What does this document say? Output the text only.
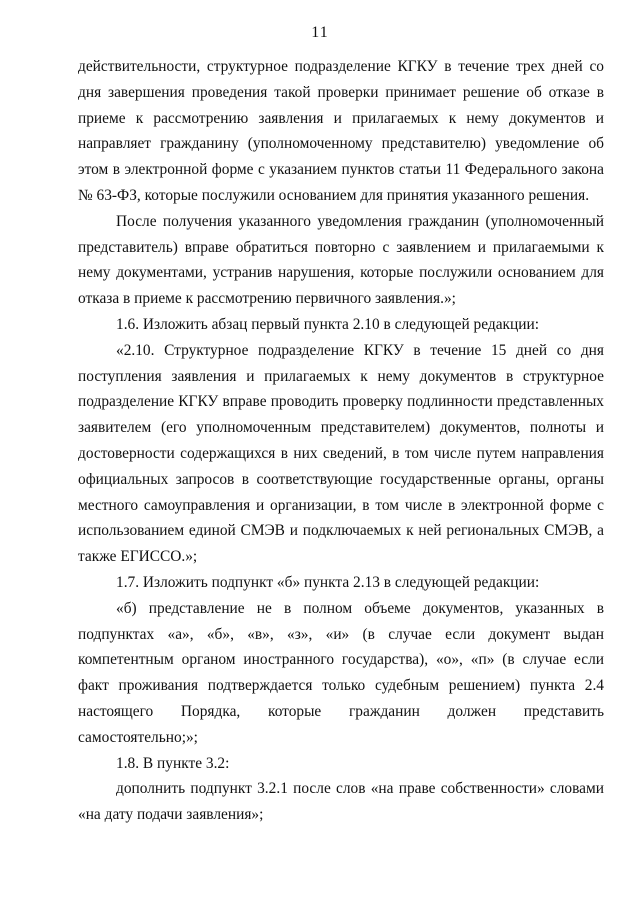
11

действительности, структурное подразделение КГКУ в течение трех дней со дня завершения проведения такой проверки принимает решение об отказе в приеме к рассмотрению заявления и прилагаемых к нему документов и направляет гражданину (уполномоченному представителю) уведомление об этом в электронной форме с указанием пунктов статьи 11 Федерального закона № 63-ФЗ, которые послужили основанием для принятия указанного решения.

После получения указанного уведомления гражданин (уполномоченный представитель) вправе обратиться повторно с заявлением и прилагаемыми к нему документами, устранив нарушения, которые послужили основанием для отказа в приеме к рассмотрению первичного заявления.»;

1.6. Изложить абзац первый пункта 2.10 в следующей редакции:

«2.10. Структурное подразделение КГКУ в течение 15 дней со дня поступления заявления и прилагаемых к нему документов в структурное подразделение КГКУ вправе проводить проверку подлинности представленных заявителем (его уполномоченным представителем) документов, полноты и достоверности содержащихся в них сведений, в том числе путем направления официальных запросов в соответствующие государственные органы, органы местного самоуправления и организации, в том числе в электронной форме с использованием единой СМЭВ и подключаемых к ней региональных СМЭВ, а также ЕГИССО.»;

1.7. Изложить подпункт «б» пункта 2.13 в следующей редакции:

«б) представление не в полном объеме документов, указанных в подпунктах «а», «б», «в», «з», «и» (в случае если документ выдан компетентным органом иностранного государства), «о», «п» (в случае если факт проживания подтверждается только судебным решением) пункта 2.4 настоящего Порядка, которые гражданин должен представить самостоятельно;»;

1.8. В пункте 3.2:

дополнить подпункт 3.2.1 после слов «на праве собственности» словами «на дату подачи заявления»;
